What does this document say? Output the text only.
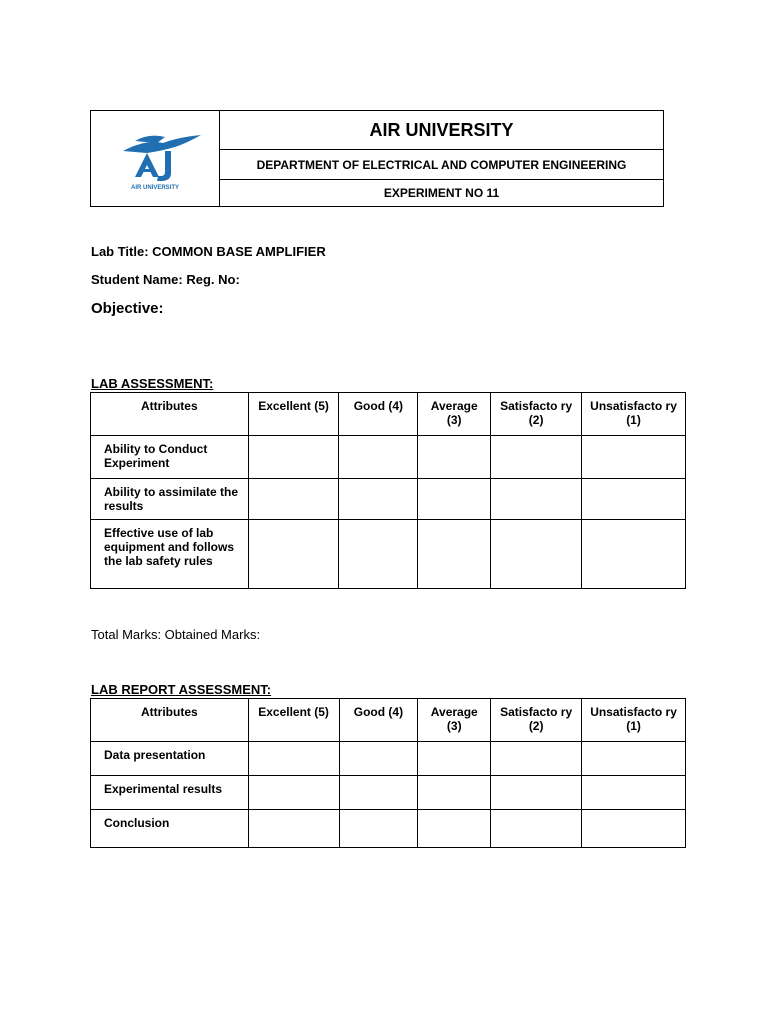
AIR UNIVERSITY
AIR UNIVERSITY
DEPARTMENT OF ELECTRICAL AND COMPUTER ENGINEERING
EXPERIMENT NO 11
Lab Title: COMMON BASE AMPLIFIER
Student Name: Reg. No:
Objective:
LAB ASSESSMENT:
Attributes	Excellent (5)	Good (4)	Average (3)	Satisfacto ry (2)	Unsatisfacto ry (1)
Ability to Conduct Experiment					
Ability to assimilate the results					
Effective use of lab equipment and follows the lab safety rules					
Total Marks: Obtained Marks:
LAB REPORT ASSESSMENT:
Attributes	Excellent (5)	Good (4)	Average (3)	Satisfacto ry (2)	Unsatisfacto ry (1)
Data presentation					
Experimental results					
Conclusion					
